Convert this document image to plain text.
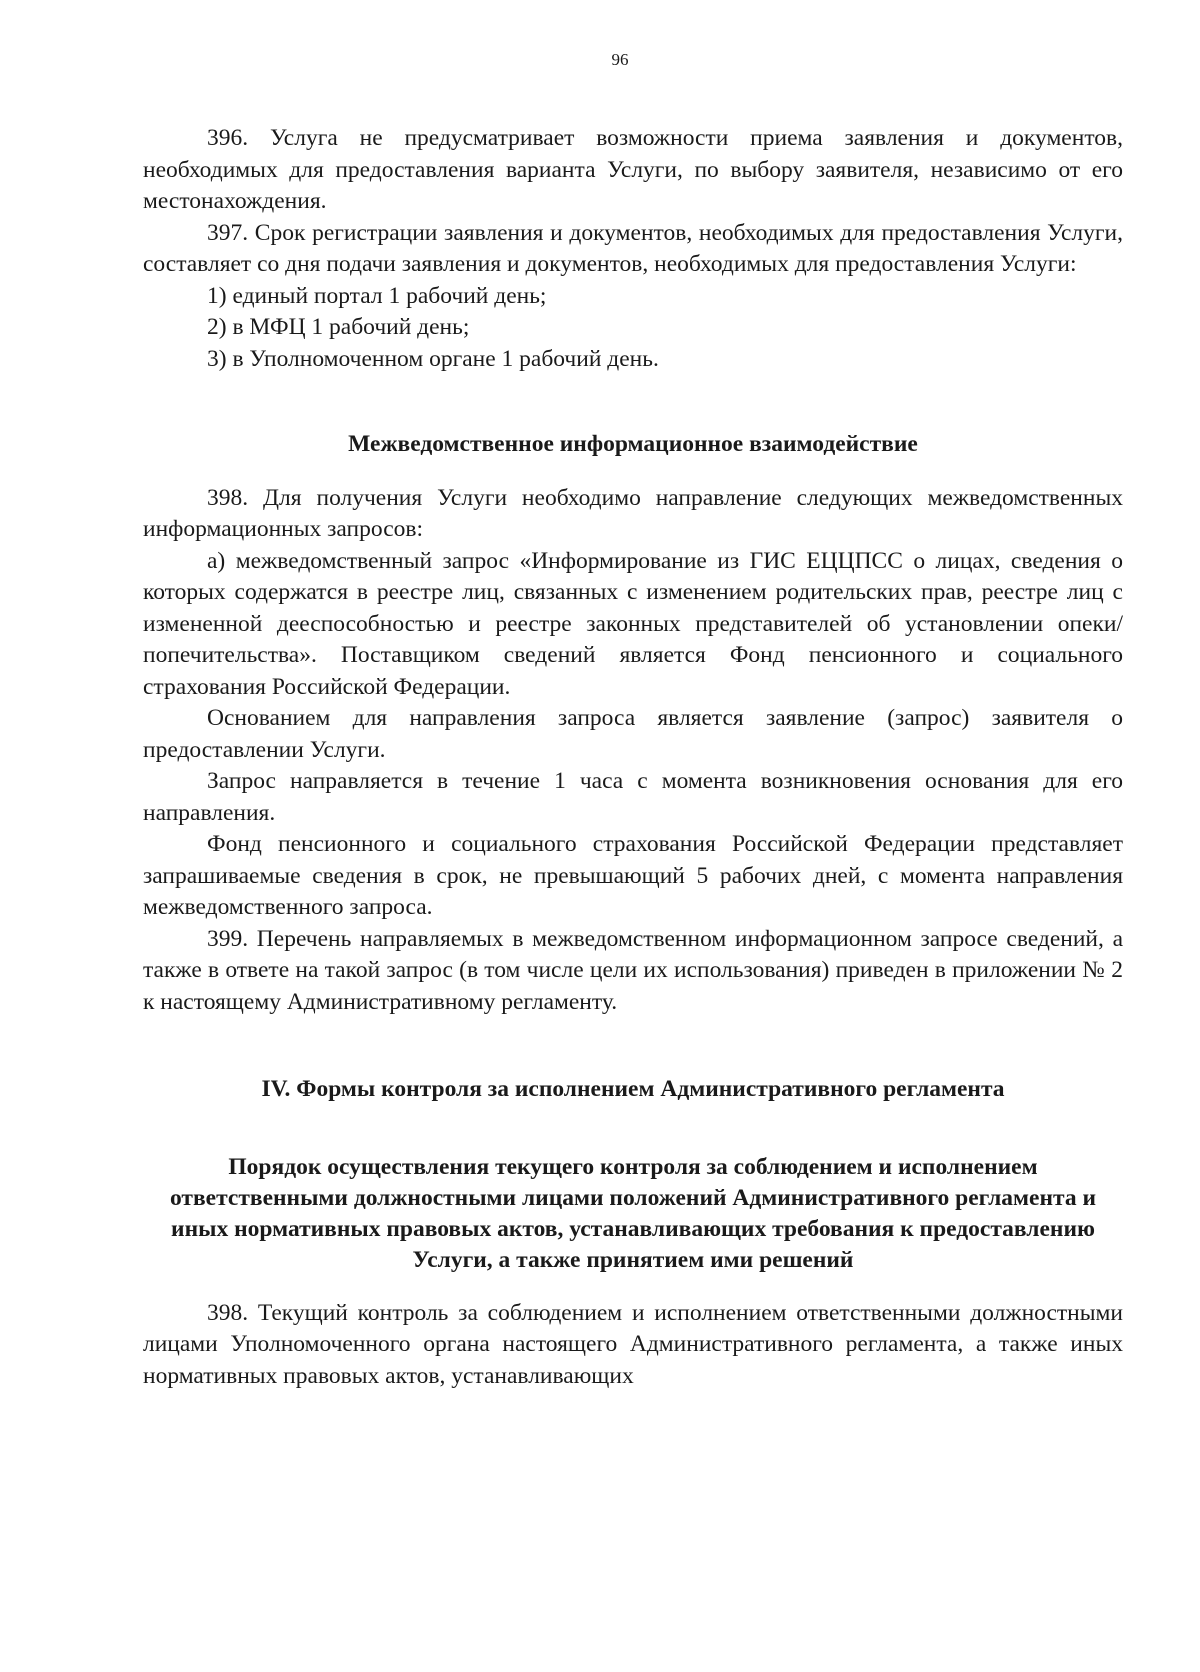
96

396. Услуга не предусматривает возможности приема заявления и документов, необходимых для предоставления варианта Услуги, по выбору заявителя, независимо от его местонахождения.

397. Срок регистрации заявления и документов, необходимых для предоставления Услуги, составляет со дня подачи заявления и документов, необходимых для предоставления Услуги:

1) единый портал 1 рабочий день;

2) в МФЦ 1 рабочий день;

3) в Уполномоченном органе 1 рабочий день.

Межведомственное информационное взаимодействие

398. Для получения Услуги необходимо направление следующих межведомственных информационных запросов:

а) межведомственный запрос «Информирование из ГИС ЕЦЦПСС о лицах, сведения о которых содержатся в реестре лиц, связанных с изменением родительских прав, реестре лиц с измененной дееспособностью и реестре законных представителей об установлении опеки/попечительства». Поставщиком сведений является Фонд пенсионного и социального страхования Российской Федерации.

Основанием для направления запроса является заявление (запрос) заявителя о предоставлении Услуги.

Запрос направляется в течение 1 часа с момента возникновения основания для его направления.

Фонд пенсионного и социального страхования Российской Федерации представляет запрашиваемые сведения в срок, не превышающий 5 рабочих дней, с момента направления межведомственного запроса.

399. Перечень направляемых в межведомственном информационном запросе сведений, а также в ответе на такой запрос (в том числе цели их использования) приведен в приложении № 2 к настоящему Административному регламенту.

IV. Формы контроля за исполнением Административного регламента
Порядок осуществления текущего контроля за соблюдением и исполнением ответственными должностными лицами положений Административного регламента и иных нормативных правовых актов, устанавливающих требования к предоставлению Услуги, а также принятием ими решений

398. Текущий контроль за соблюдением и исполнением ответственными должностными лицами Уполномоченного органа настоящего Административного регламента, а также иных нормативных правовых актов, устанавливающих
